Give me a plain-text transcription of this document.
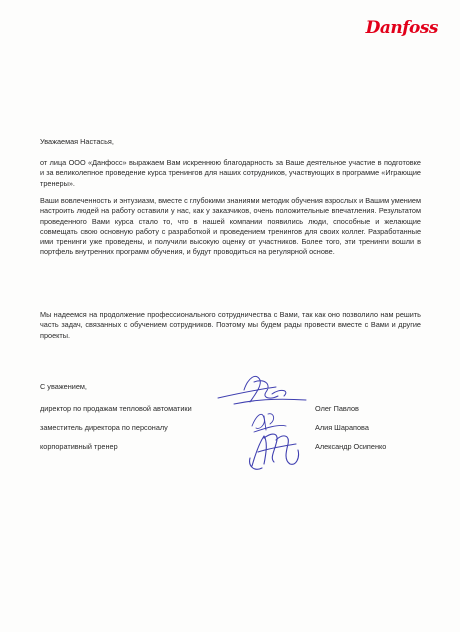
Danfoss
Уважаемая Настасья,
от лица ООО «Данфосс» выражаем Вам искреннюю благодарность за Ваше деятельное участие в подготовке и за великолепное проведение курса тренингов для наших сотрудников, участвующих в программе «Играющие тренеры».
Ваши вовлеченность и энтузиазм, вместе с глубокими знаниями методик обучения взрослых и Вашим умением настроить людей на работу оставили у нас, как у заказчиков, очень положительные впечатления. Результатом проведенного Вами курса стало то, что в нашей компании появились люди, способные и желающие совмещать свою основную работу с разработкой и проведением тренингов для своих коллег. Разработанные ими тренинги уже проведены, и получили высокую оценку от участников. Более того, эти тренинги вошли в портфель внутренних программ обучения, и будут проводиться на регулярной основе.
Мы надеемся на продолжение профессионального сотрудничества с Вами, так как оно позволило нам решить часть задач, связанных с обучением сотрудников. Поэтому мы будем рады провести вместе с Вами и другие проекты.
С уважением,
директор по продажам тепловой автоматики	Олег Павлов
заместитель директора по персоналу	Алия Шарапова
корпоративный тренер	Александр Осипенко
